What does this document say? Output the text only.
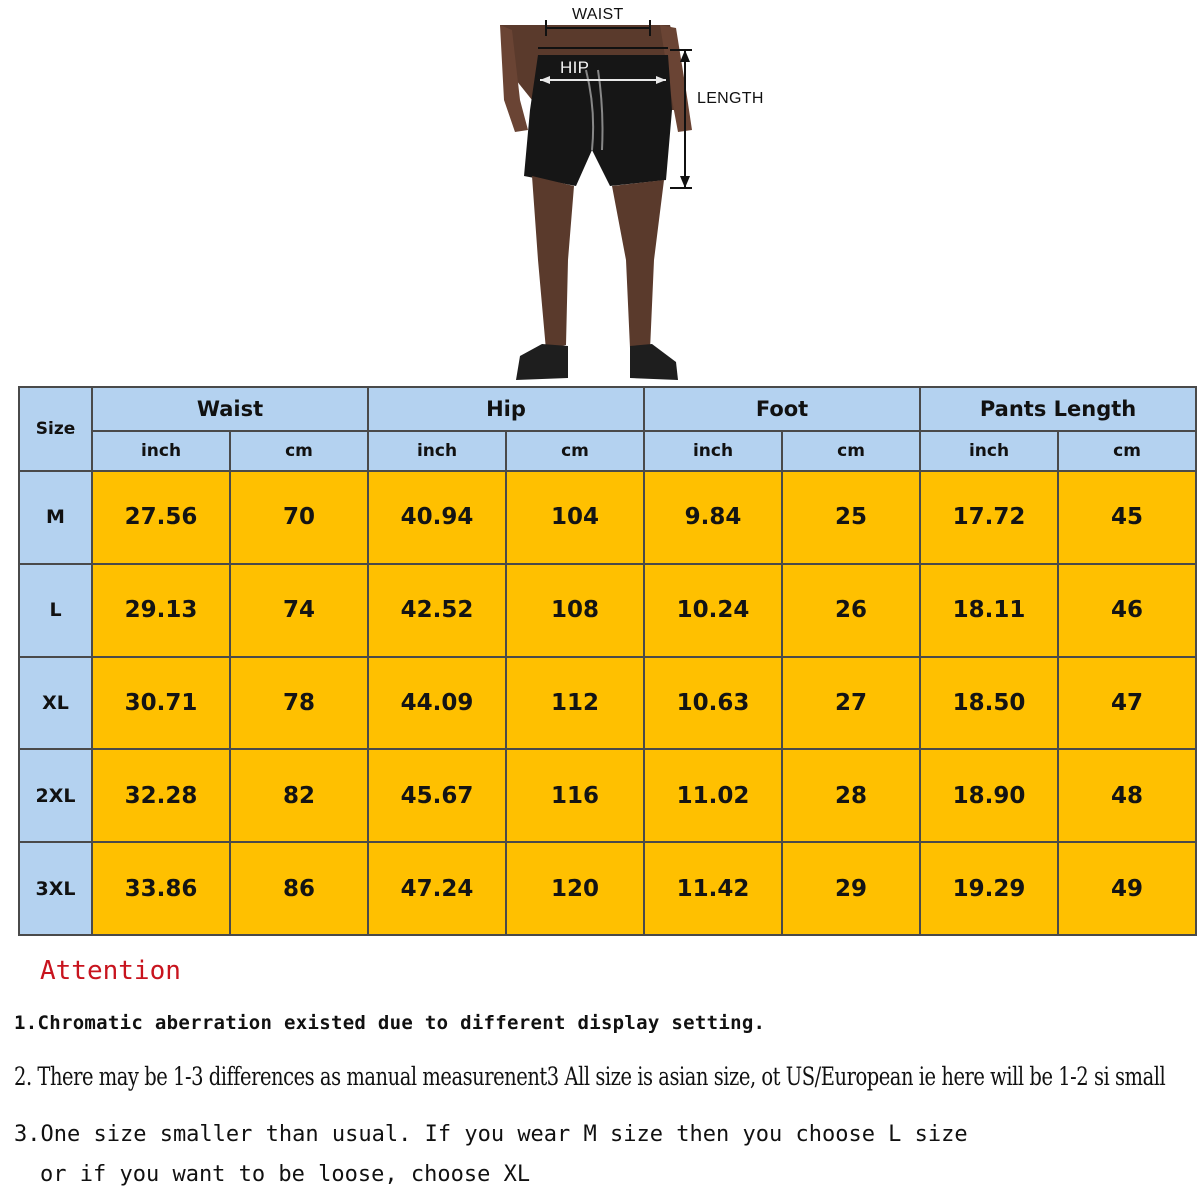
WAIST
HIP
LENGTH
Size	Waist		Hip		Foot		Pants Length	
	inch	cm	inch	cm	inch	cm	inch	cm
M	27.56	70	40.94	104	9.84	25	17.72	45
L	29.13	74	42.52	108	10.24	26	18.11	46
XL	30.71	78	44.09	112	10.63	27	18.50	47
2XL	32.28	82	45.67	116	11.02	28	18.90	48
3XL	33.86	86	47.24	120	11.42	29	19.29	49
Attention
1.Chromatic aberration existed due to different display setting.
2. There may be 1-3 differences as manual measurenent3 All size is asian size, ot US/European ie here will be 1-2 si small
3.One size smaller than usual. If you wear M size then you choose L size
or if you want to be loose, choose XL
